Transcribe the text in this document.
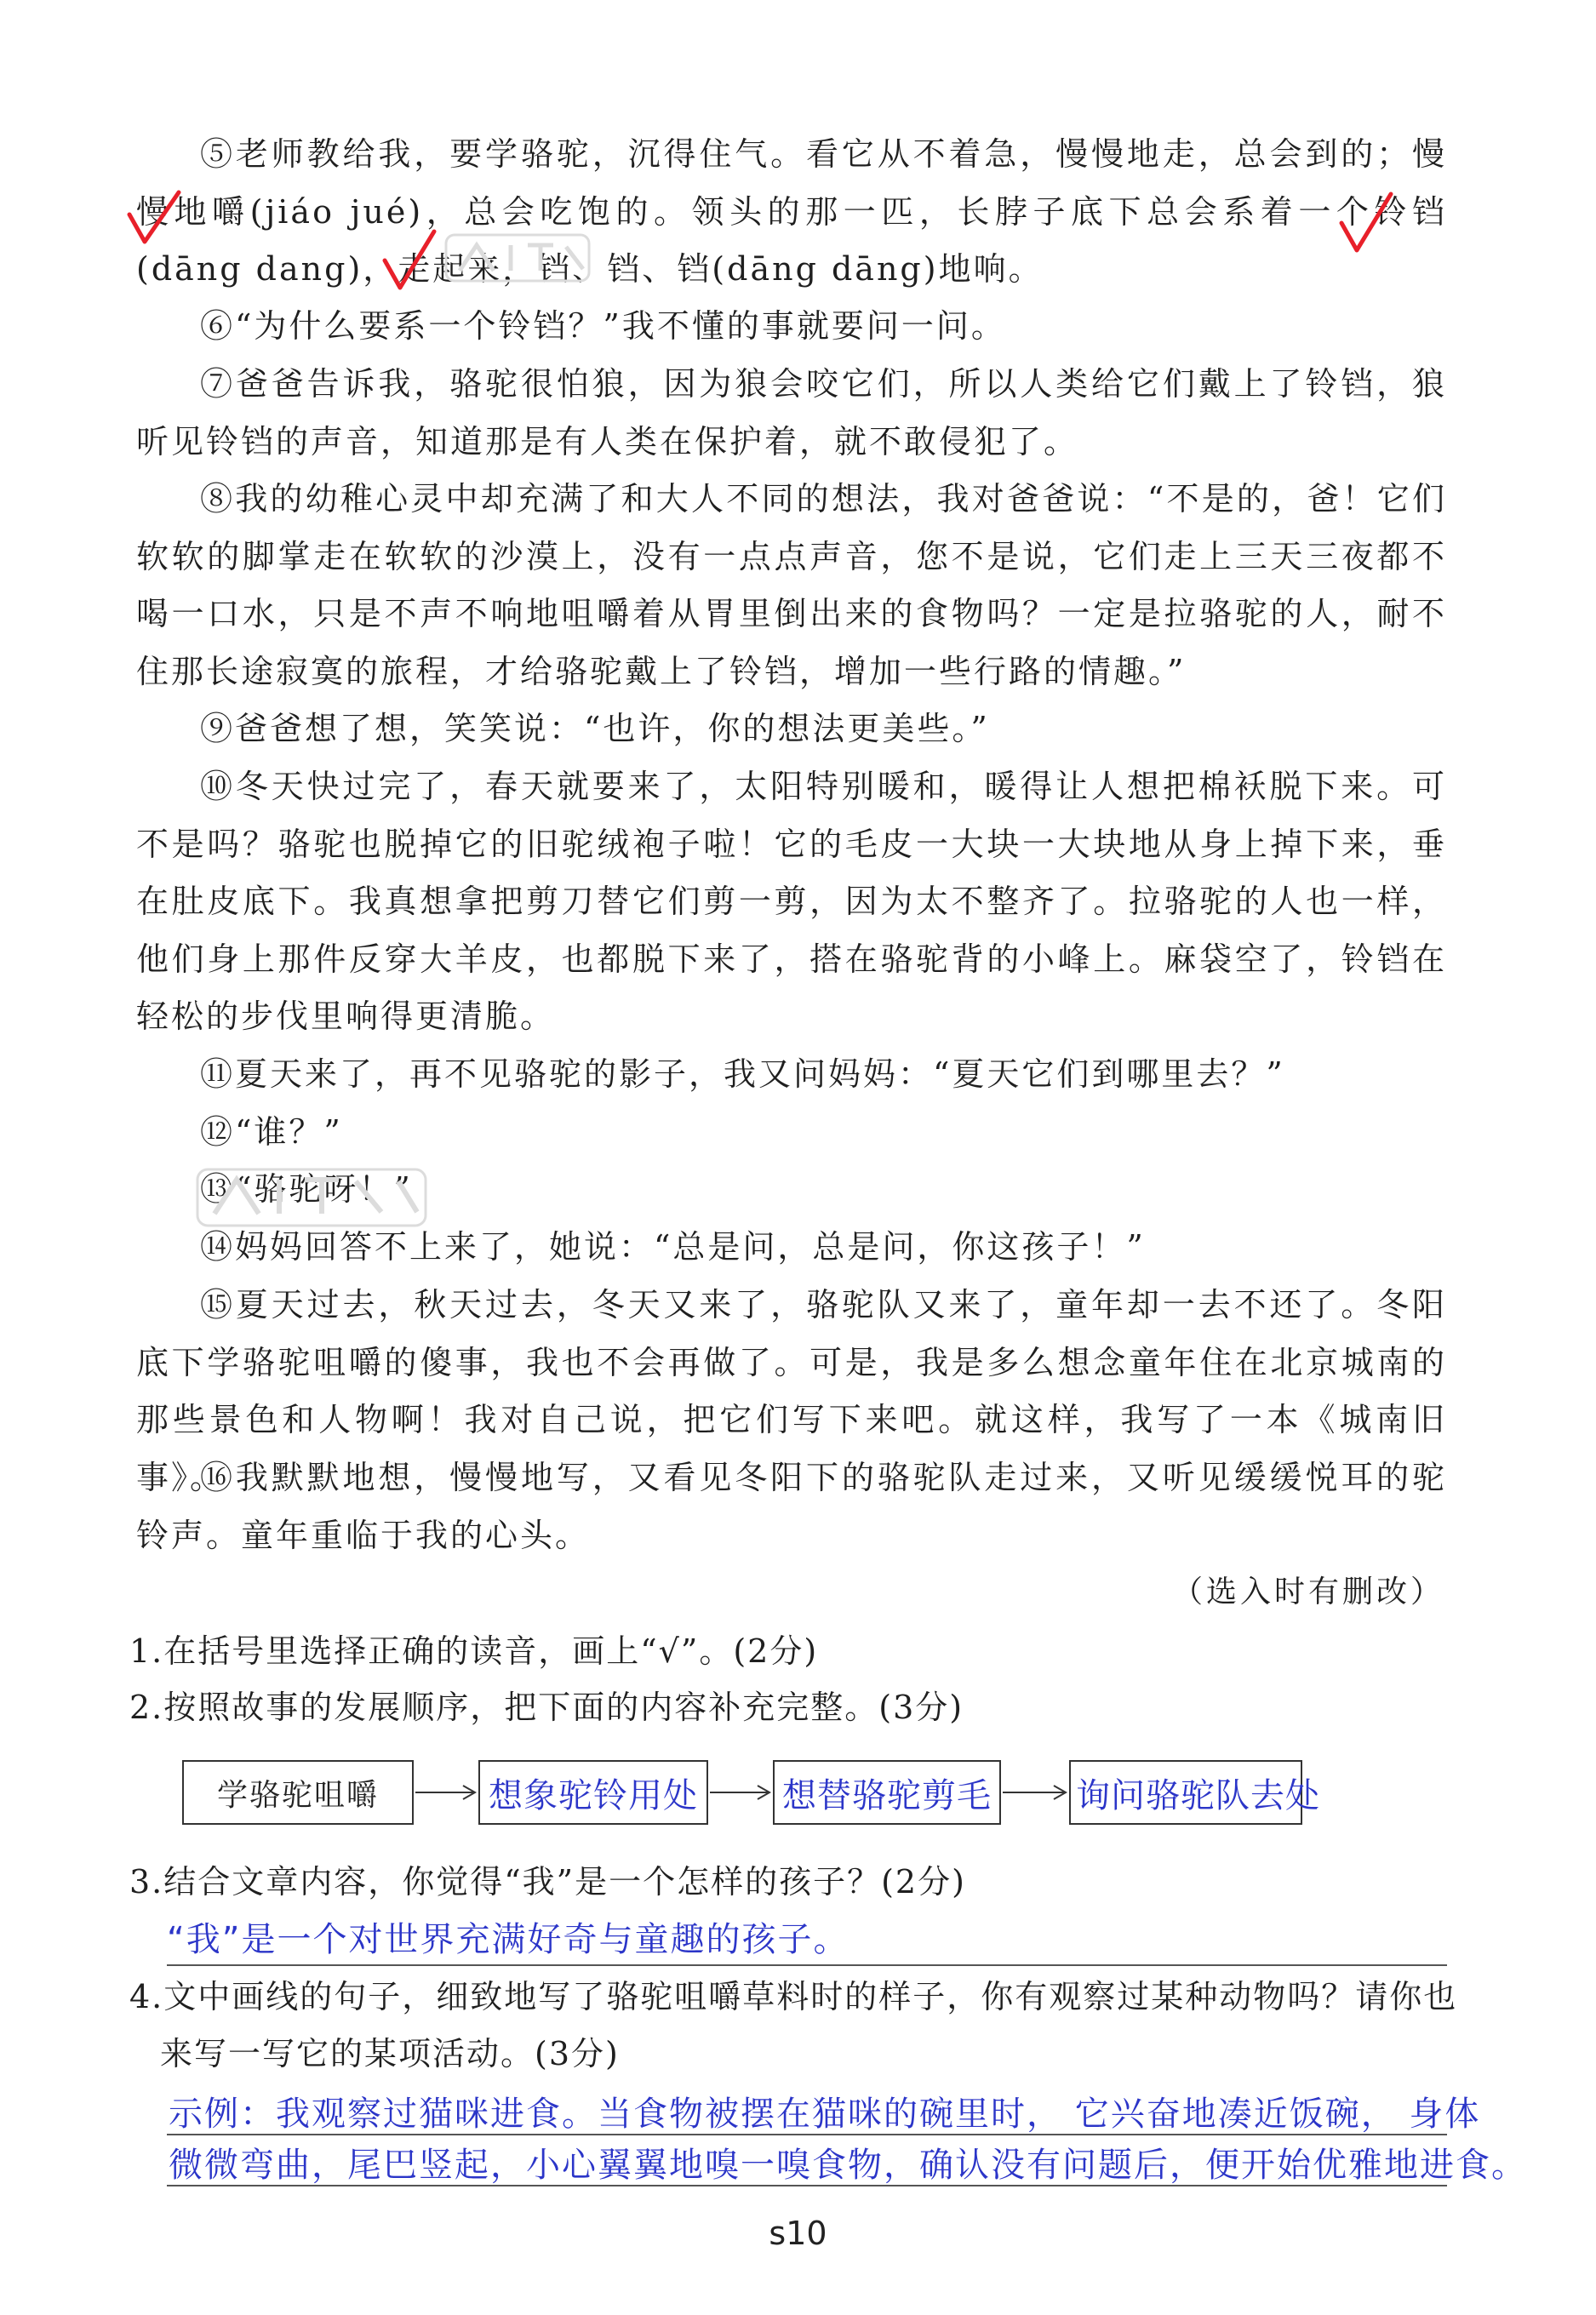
⑤老师教给我，要学骆驼，沉得住气。看它从不着急，慢慢地走，总会到的；慢慢地嚼(jiáo jué)，总会吃饱的。领头的那一匹，长脖子底下总会系着一个铃铛(dāng dang)，走起来，铛、铛、铛(dāng dāng)地响。

⑥“为什么要系一个铃铛？”我不懂的事就要问一问。

⑦爸爸告诉我，骆驼很怕狼，因为狼会咬它们，所以人类给它们戴上了铃铛，狼听见铃铛的声音，知道那是有人类在保护着，就不敢侵犯了。

⑧我的幼稚心灵中却充满了和大人不同的想法，我对爸爸说：“不是的，爸！它们软软的脚掌走在软软的沙漠上，没有一点点声音，您不是说，它们走上三天三夜都不喝一口水，只是不声不响地咀嚼着从胃里倒出来的食物吗？一定是拉骆驼的人，耐不住那长途寂寞的旅程，才给骆驼戴上了铃铛，增加一些行路的情趣。”

⑨爸爸想了想，笑笑说：“也许，你的想法更美些。”

⑩冬天快过完了，春天就要来了，太阳特别暖和，暖得让人想把棉袄脱下来。可不是吗？骆驼也脱掉它的旧驼绒袍子啦！它的毛皮一大块一大块地从身上掉下来，垂在肚皮底下。我真想拿把剪刀替它们剪一剪，因为太不整齐了。拉骆驼的人也一样，他们身上那件反穿大羊皮，也都脱下来了，搭在骆驼背的小峰上。麻袋空了，铃铛在轻松的步伐里响得更清脆。

⑪夏天来了，再不见骆驼的影子，我又问妈妈：“夏天它们到哪里去？”

⑫“谁？”

⑬“骆驼呀！”

⑭妈妈回答不上来了，她说：“总是问，总是问，你这孩子！”

⑮夏天过去，秋天过去，冬天又来了，骆驼队又来了，童年却一去不还了。冬阳底下学骆驼咀嚼的傻事，我也不会再做了。可是，我是多么想念童年住在北京城南的那些景色和人物啊！我对自己说，把它们写下来吧。就这样，我写了一本《城南旧事》。

⑯我默默地想，慢慢地写，又看见冬阳下的骆驼队走过来，又听见缓缓悦耳的驼铃声。童年重临于我的心头。

（选入时有删改）

1.在括号里选择正确的读音，画上“√”。(2分)

2.按照故事的发展顺序，把下面的内容补充完整。(3分)

学骆驼咀嚼	想象驼铃用处 想替骆驼剪毛 询问骆驼队去处

3.结合文章内容，你觉得“我”是一个怎样的孩子？(2分)

“我”是一个对世界充满好奇与童趣的孩子。

4.文中画线的句子，细致地写了骆驼咀嚼草料时的样子，你有观察过某种动物吗？请你也

来写一写它的某项活动。(3分)

示例：我观察过猫咪进食。当食物被摆在猫咪的碗里时， 它兴奋地凑近饭碗， 身体

微微弯曲，尾巴竖起，小心翼翼地嗅一嗅食物，确认没有问题后，便开始优雅地进食。

s10
